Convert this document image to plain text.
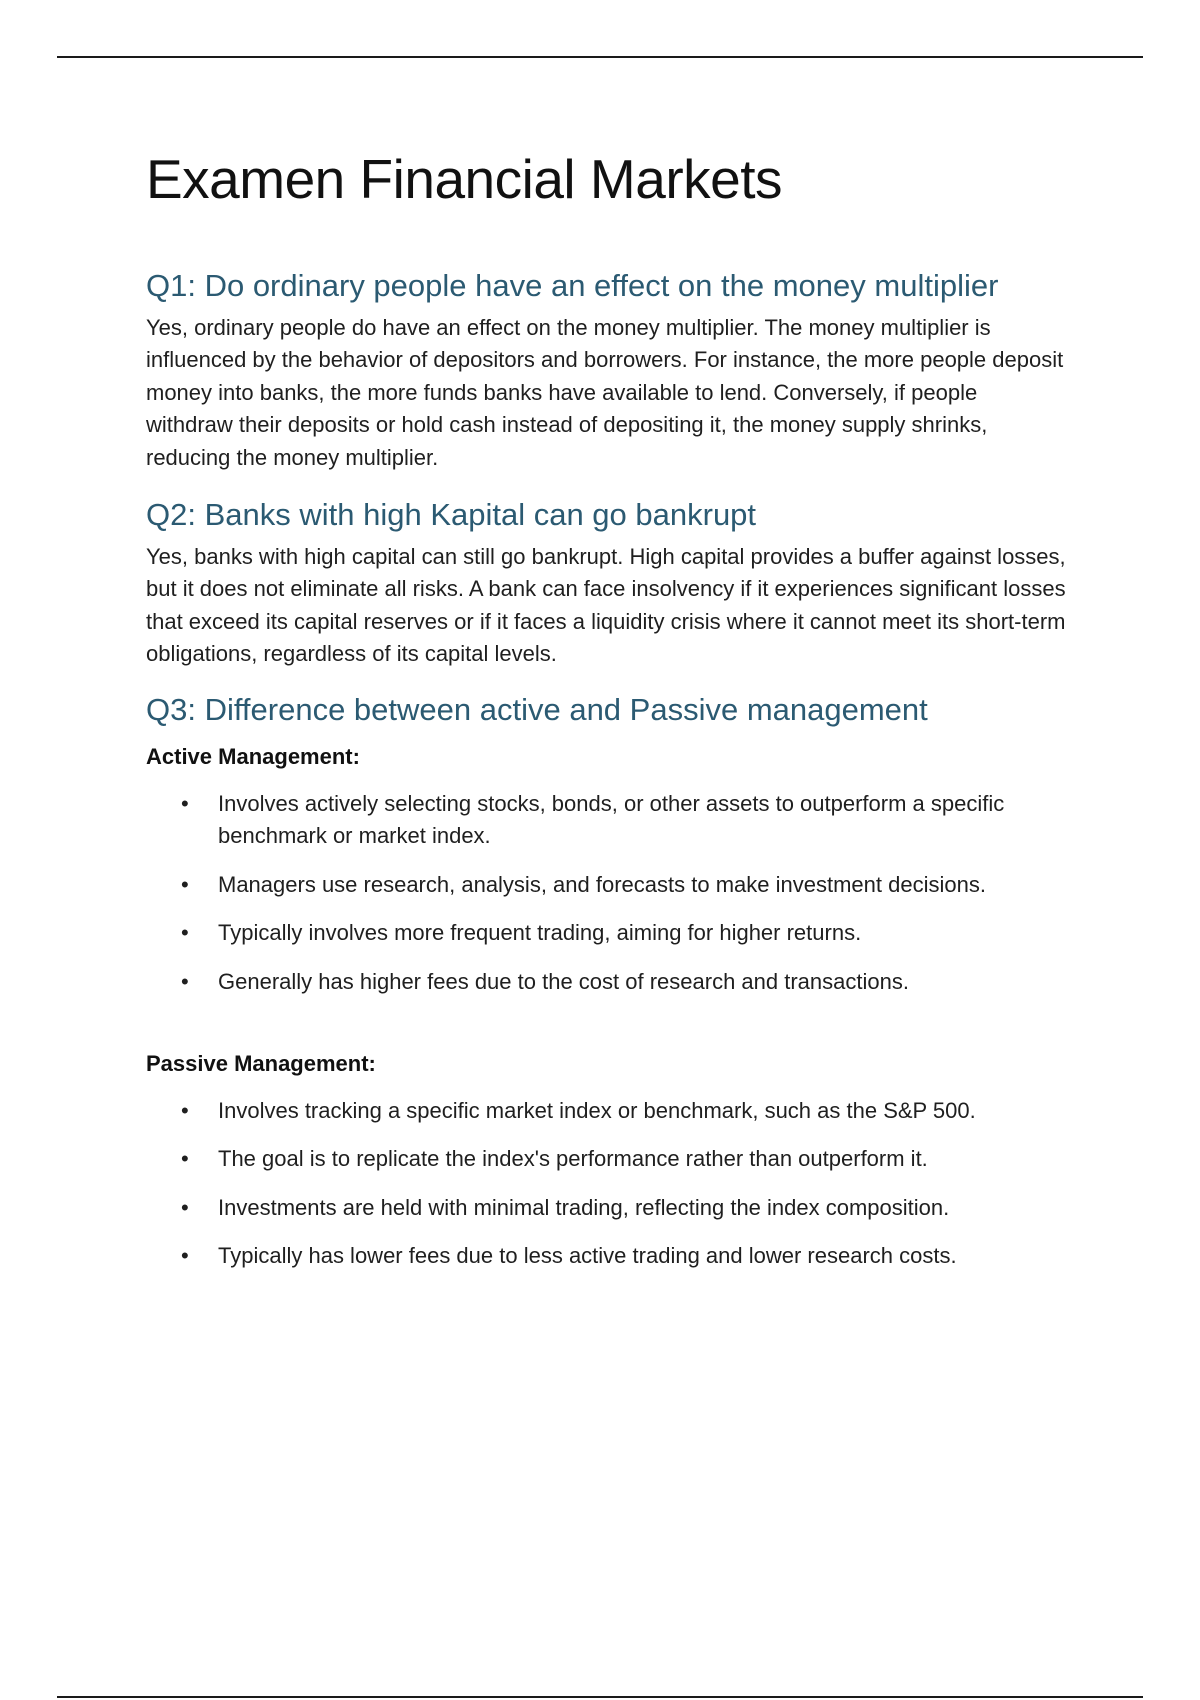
Examen Financial Markets
Q1: Do ordinary people have an effect on the money multiplier

Yes, ordinary people do have an effect on the money multiplier. The money multiplier is influenced by the behavior of depositors and borrowers. For instance, the more people deposit money into banks, the more funds banks have available to lend. Conversely, if people withdraw their deposits or hold cash instead of depositing it, the money supply shrinks, reducing the money multiplier.

Q2: Banks with high Kapital can go bankrupt

Yes, banks with high capital can still go bankrupt. High capital provides a buffer against losses, but it does not eliminate all risks. A bank can face insolvency if it experiences significant losses that exceed its capital reserves or if it faces a liquidity crisis where it cannot meet its short-term obligations, regardless of its capital levels.

Q3: Difference between active and Passive management

Active Management:

• Involves actively selecting stocks, bonds, or other assets to outperform a specific benchmark or market index.
• Managers use research, analysis, and forecasts to make investment decisions.
• Typically involves more frequent trading, aiming for higher returns.
• Generally has higher fees due to the cost of research and transactions.

Passive Management:

• Involves tracking a specific market index or benchmark, such as the S&P 500.
• The goal is to replicate the index's performance rather than outperform it.
• Investments are held with minimal trading, reflecting the index composition.
• Typically has lower fees due to less active trading and lower research costs.
